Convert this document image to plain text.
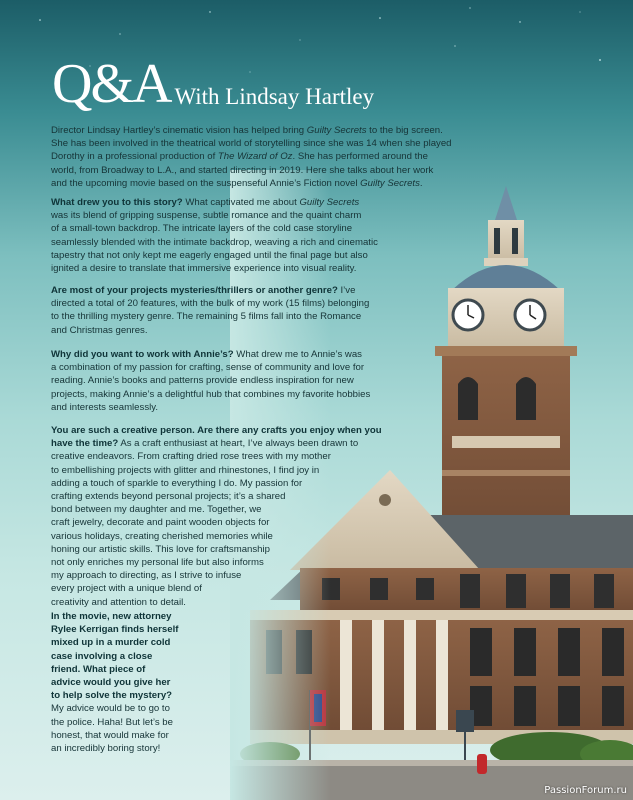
Q&A With Lindsay Hartley
Director Lindsay Hartley’s cinematic vision has helped bring Guilty Secrets to the big screen.
She has been involved in the theatrical world of storytelling since she was 14 when she played
Dorothy in a professional production of The Wizard of Oz. She has performed around the
world, from Broadway to L.A., and started directing in 2019. Here she talks about her work
and the upcoming movie based on the suspenseful Annie’s Fiction novel Guilty Secrets.
What drew you to this story? What captivated me about Guilty Secrets
was its blend of gripping suspense, subtle romance and the quaint charm
of a small-town backdrop. The intricate layers of the cold case storyline
seamlessly blended with the intimate backdrop, weaving a rich and cinematic
tapestry that not only kept me eagerly engaged until the final page but also
ignited a desire to translate that immersive experience into visual reality.
Are most of your projects mysteries/thrillers or another genre? I’ve
directed a total of 20 features, with the bulk of my work (15 films) belonging
to the thrilling mystery genre. The remaining 5 films fall into the Romance
and Christmas genres.
Why did you want to work with Annie’s? What drew me to Annie’s was
a combination of my passion for crafting, sense of community and love for
reading. Annie’s books and patterns provide endless inspiration for new
projects, making Annie’s a delightful hub that combines my favorite hobbies
and interests seamlessly.
You are such a creative person. Are there any crafts you enjoy when you
have the time? As a craft enthusiast at heart, I’ve always been drawn to
creative endeavors. From crafting dried rose trees with my mother
to embellishing projects with glitter and rhinestones, I find joy in
adding a touch of sparkle to everything I do. My passion for
crafting extends beyond personal projects; it’s a shared
bond between my daughter and me. Together, we
craft jewelry, decorate and paint wooden objects for
various holidays, creating cherished memories while
honing our artistic skills. This love for craftsmanship
not only enriches my personal life but also informs
my approach to directing, as I strive to infuse
every project with a unique blend of
creativity and attention to detail.
In the movie, new attorney
Rylee Kerrigan finds herself
mixed up in a murder cold
case involving a close
friend. What piece of
advice would you give her
to help solve the mystery?
My advice would be to go to
the police. Haha! But let’s be
honest, that would make for
an incredibly boring story!
PassionForum.ru
